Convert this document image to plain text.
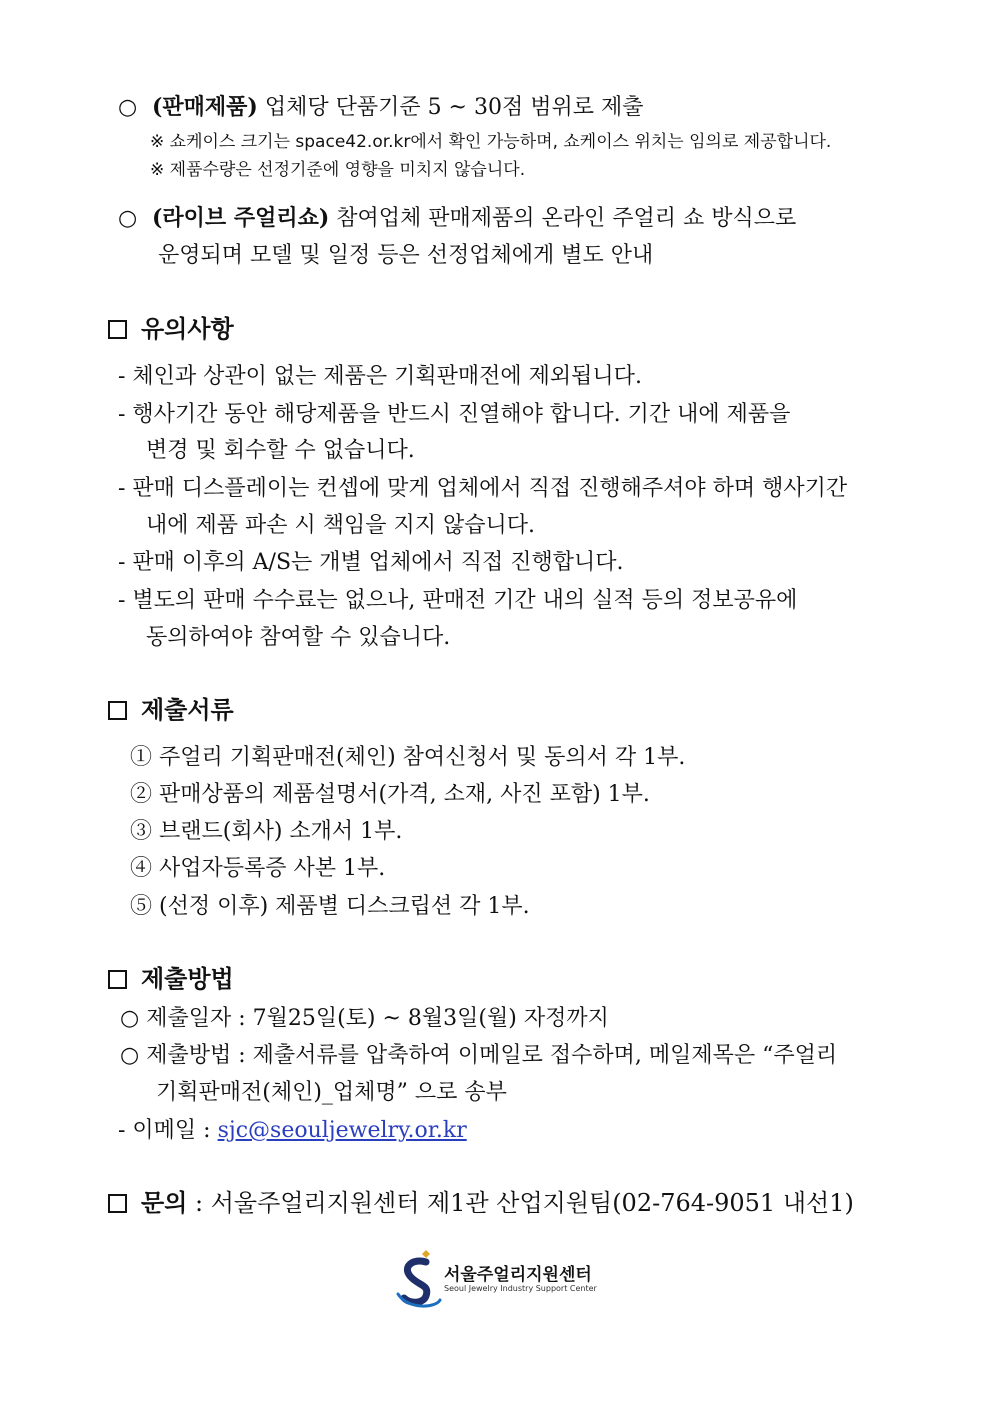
○ (판매제품) 업체당 단품기준 5 ~ 30점 범위로 제출
※ 쇼케이스 크기는 space42.or.kr에서 확인 가능하며, 쇼케이스 위치는 임의로 제공합니다.
※ 제품수량은 선정기준에 영향을 미치지 않습니다.
○ (라이브 주얼리쇼) 참여업체 판매제품의 온라인 주얼리 쇼 방식으로
운영되며 모델 및 일정 등은 선정업체에게 별도 안내
유의사항
- 체인과 상관이 없는 제품은 기획판매전에 제외됩니다.
- 행사기간 동안 해당제품을 반드시 진열해야 합니다. 기간 내에 제품을
변경 및 회수할 수 없습니다.
- 판매 디스플레이는 컨셉에 맞게 업체에서 직접 진행해주셔야 하며 행사기간
내에 제품 파손 시 책임을 지지 않습니다.
- 판매 이후의 A/S는 개별 업체에서 직접 진행합니다.
- 별도의 판매 수수료는 없으나, 판매전 기간 내의 실적 등의 정보공유에
동의하여야 참여할 수 있습니다.
제출서류
① 주얼리 기획판매전(체인) 참여신청서 및 동의서 각 1부.
② 판매상품의 제품설명서(가격, 소재, 사진 포함) 1부.
③ 브랜드(회사) 소개서 1부.
④ 사업자등록증 사본 1부.
⑤ (선정 이후) 제품별 디스크립션 각 1부.
제출방법
○ 제출일자 : 7월25일(토) ~ 8월3일(월) 자정까지
○ 제출방법 : 제출서류를 압축하여 이메일로 접수하며, 메일제목은 “주얼리
기획판매전(체인)_업체명” 으로 송부
- 이메일 : sjc@seouljewelry.or.kr
문의 : 서울주얼리지원센터 제1관 산업지원팀(02-764-9051 내선1)
서울주얼리지원센터
Seoul Jewelry Industry Support Center
